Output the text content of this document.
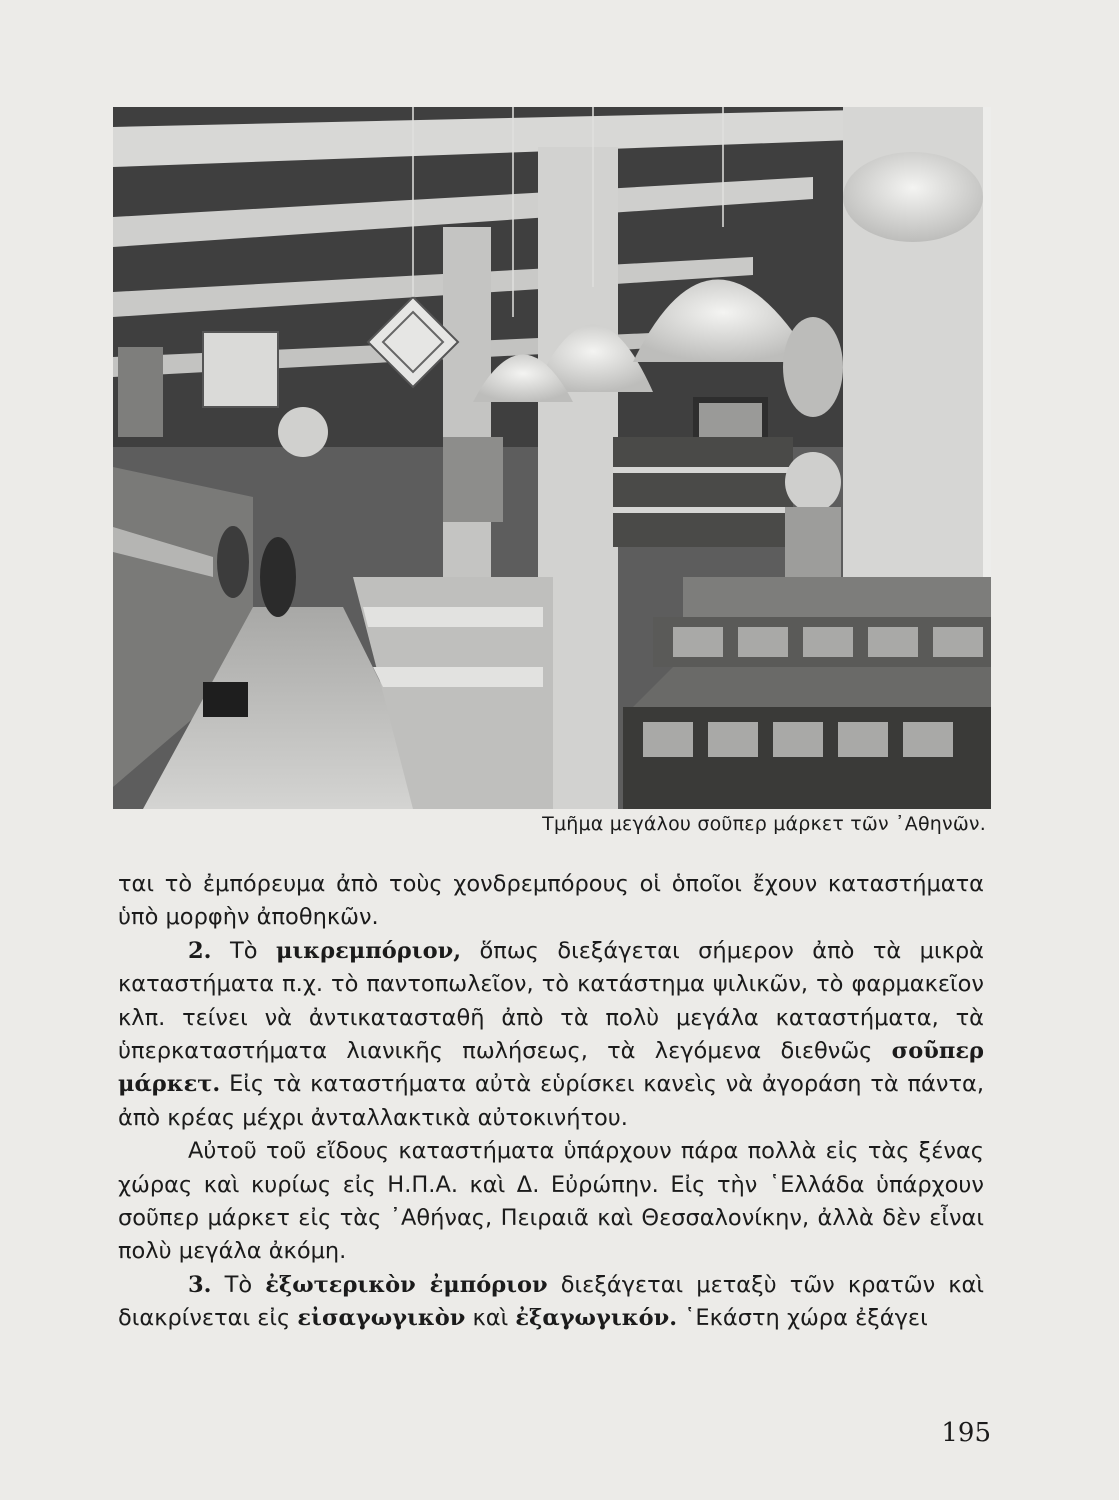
Τμῆμα μεγάλου σοῦπερ μάρκετ τῶν ᾿Αθηνῶν.

ται τὸ ἐμπόρευμα ἀπὸ τοὺς χονδρεμπόρους οἱ ὁποῖοι ἔχουν καταστήματα ὑπὸ μορφὴν ἀποθηκῶν.

2. Τὸ μικρεμπόριον, ὅπως διεξάγεται σήμερον ἀπὸ τὰ μικρὰ καταστήματα π.χ. τὸ παντοπωλεῖον, τὸ κατάστημα ψιλικῶν, τὸ φαρμακεῖον κλπ. τείνει νὰ ἀντικατασταθῆ ἀπὸ τὰ πολὺ μεγάλα καταστήματα, τὰ ὑπερκαταστήματα λιανικῆς πωλήσεως, τὰ λεγόμενα διεθνῶς σοῦπερ μάρκετ. Εἰς τὰ καταστήματα αὐτὰ εὑρίσκει κανεὶς νὰ ἀγοράση τὰ πάντα, ἀπὸ κρέας μέχρι ἀνταλλακτικὰ αὐτοκινήτου.

Αὐτοῦ τοῦ εἴδους καταστήματα ὑπάρχουν πάρα πολλὰ εἰς τὰς ξένας χώρας καὶ κυρίως εἰς Η.Π.Α. καὶ Δ. Εὐρώπην. Εἰς τὴν ῾Ελλάδα ὑπάρχουν σοῦπερ μάρκετ εἰς τὰς ᾿Αθήνας, Πειραιᾶ καὶ Θεσσαλονίκην, ἀλλὰ δὲν εἶναι πολὺ μεγάλα ἀκόμη.

3. Τὸ ἐξωτερικὸν ἐμπόριον διεξάγεται μεταξὺ τῶν κρατῶν καὶ διακρίνεται εἰς εἰσαγωγικὸν καὶ ἐξαγωγικόν. ῾Εκάστη χώρα ἐξάγει

195
